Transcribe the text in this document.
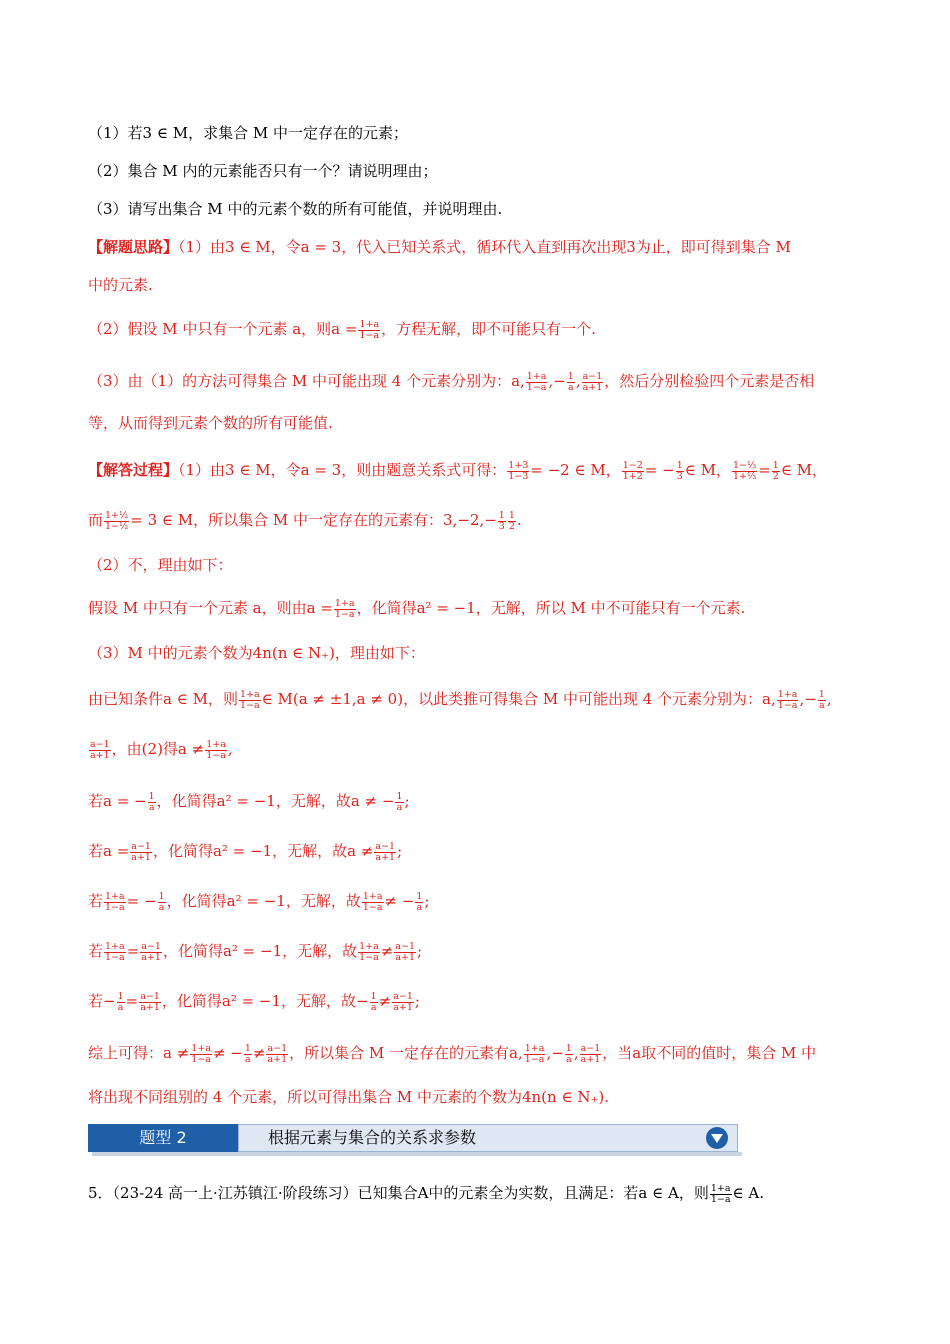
（1）若3 ∈ M，求集合 M 中一定存在的元素；
（2）集合 M 内的元素能否只有一个？请说明理由；
（3）请写出集合 M 中的元素个数的所有可能值，并说明理由.
【解题思路】（1）由3 ∈ M，令a = 3，代入已知关系式，循环代入直到再次出现3为止，即可得到集合 M
中的元素.
（2）假设 M 中只有一个元素 a，则$a = \frac{1+a}{1-a}$ ，方程无解，即不可能只有一个.
（3）由（1）的方法可得集合 M 中可能出现 4 个元素分别为：a, $\frac{1+a}{1-a}$ ,− $\frac{1}{a}$ , $\frac{a-1}{a+1}$ ，然后分别检验四个元素是否相
等，从而得到元素个数的所有可能值.
【解答过程】（1）由3 ∈ M，令a = 3，则由题意关系式可得： $\frac{1+3}{1-3} = -2$ ∈ M， $\frac{1-2}{1+2}$ = − $\frac{1}{3}$ ∈ M， $\frac{\text{1−⅓}}{\text{1+⅓}} = \frac{1}{2}$ ∈ M，
而 $\frac{\text{1+½}}{\text{1−½}} = 3$ ∈ M，所以集合 M 中一定存在的元素有：$3,-2,- \frac{1}{3} \frac{1}{2}$ .
（2）不，理由如下：
假设 M 中只有一个元素 a，则由$a = \frac{1+a}{1-a}$ ，化简得a² = −1，无解，所以 M 中不可能只有一个元素.
（3）M 中的元素个数为4n(n ∈ N₊)，理由如下：
由已知条件a ∈ M，则 $\frac{1+a}{1-a}$ ∈ M(a ≠ ±1,a ≠ 0)，以此类推可得集合 M 中可能出现 4 个元素分别为：a, $\frac{1+a}{1-a}$ ,− $\frac{1}{a}$ ,
$\frac{a-1}{a+1}$ ，由(2)得$a \ne \frac{1+a}{1-a}$ ,
若a = − $\frac{1}{a}$ ，化简得a² = −1，无解，故a ≠ − $\frac{1}{a}$ ;
若$a = \frac{a-1}{a+1}$ ，化简得a² = −1，无解，故$a \ne \frac{a-1}{a+1}$ ;
若 $\frac{1+a}{1-a}$ = − $\frac{1}{a}$ ，化简得a² = −1，无解，故 $\frac{1+a}{1-a}$ ≠ − $\frac{1}{a}$ ;
若 $\frac{1+a}{1-a} = \frac{a-1}{a+1}$ ，化简得a² = −1，无解，故 $\frac{1+a}{1-a} \ne \frac{a-1}{a+1}$ ;
若− $\frac{1}{a} = \frac{a-1}{a+1}$ ，化简得a² = −1，无解，故− $\frac{1}{a} \ne \frac{a-1}{a+1}$ ;
综上可得：$a \ne \frac{1+a}{1-a}$ ≠ − $\frac{1}{a} \ne \frac{a-1}{a+1}$ ，所以集合 M 一定存在的元素有a, $\frac{1+a}{1-a}$ ,− $\frac{1}{a}$ , $\frac{a-1}{a+1}$ ，当a取不同的值时，集合 M 中
将出现不同组别的 4 个元素，所以可得出集合 M 中元素的个数为4n(n ∈ N₊).
题型 2	根据元素与集合的关系求参数
5．（23-24 高一上·江苏镇江·阶段练习）已知集合A中的元素全为实数，且满足：若a ∈ A，则 $\frac{1+a}{1-a}$ ∈ A.
